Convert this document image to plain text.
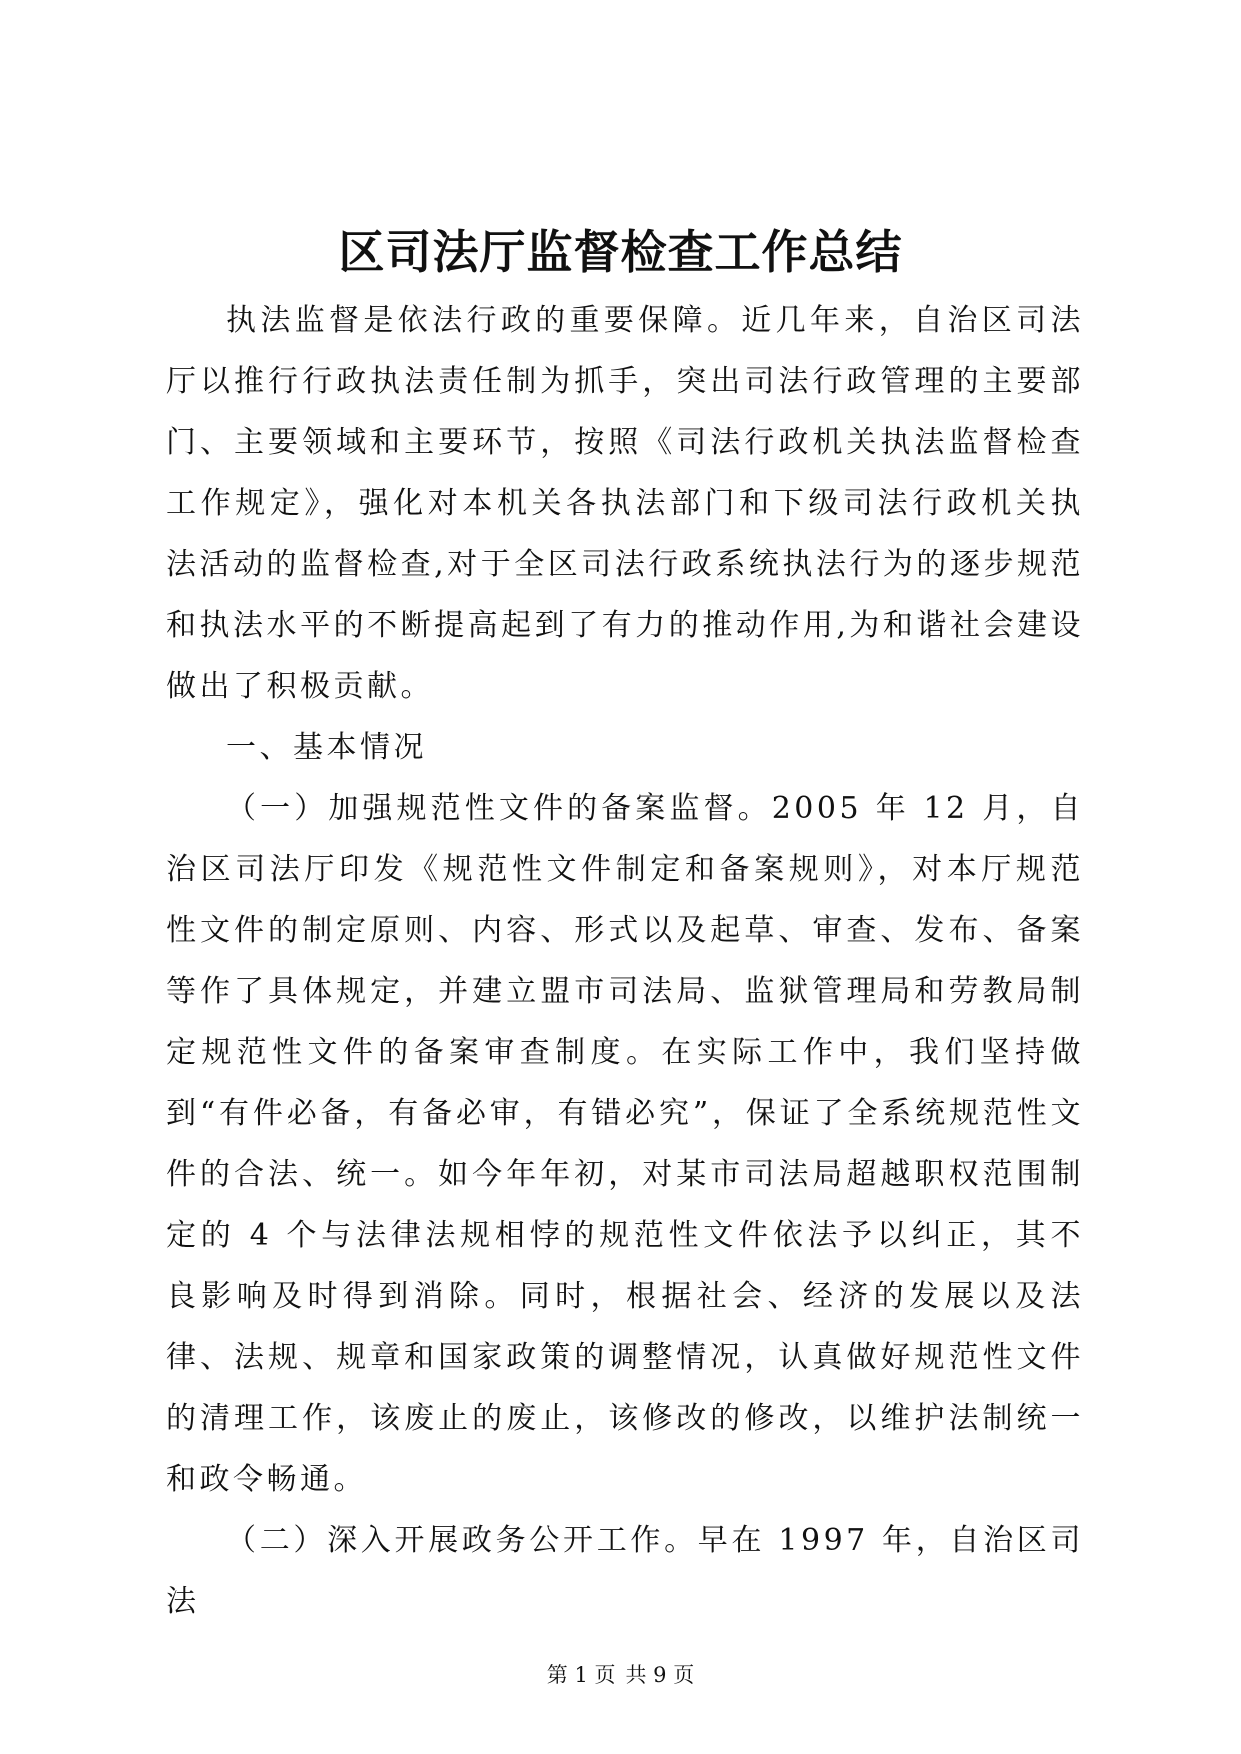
区司法厅监督检查工作总结

执法监督是依法行政的重要保障。近几年来，自治区司法厅以推行行政执法责任制为抓手，突出司法行政管理的主要部门、主要领域和主要环节，按照《司法行政机关执法监督检查工作规定》，强化对本机关各执法部门和下级司法行政机关执法活动的监督检查,对于全区司法行政系统执法行为的逐步规范和执法水平的不断提高起到了有力的推动作用,为和谐社会建设做出了积极贡献。

一、基本情况

（一）加强规范性文件的备案监督。2005 年 12 月，自治区司法厅印发《规范性文件制定和备案规则》，对本厅规范性文件的制定原则、内容、形式以及起草、审查、发布、备案等作了具体规定，并建立盟市司法局、监狱管理局和劳教局制定规范性文件的备案审查制度。在实际工作中，我们坚持做到“有件必备，有备必审，有错必究”，保证了全系统规范性文件的合法、统一。如今年年初，对某市司法局超越职权范围制定的 4 个与法律法规相悖的规范性文件依法予以纠正，其不良影响及时得到消除。同时，根据社会、经济的发展以及法律、法规、规章和国家政策的调整情况，认真做好规范性文件的清理工作，该废止的废止，该修改的修改，以维护法制统一和政令畅通。

（二）深入开展政务公开工作。早在 1997 年，自治区司法

第 1 页 共 9 页
